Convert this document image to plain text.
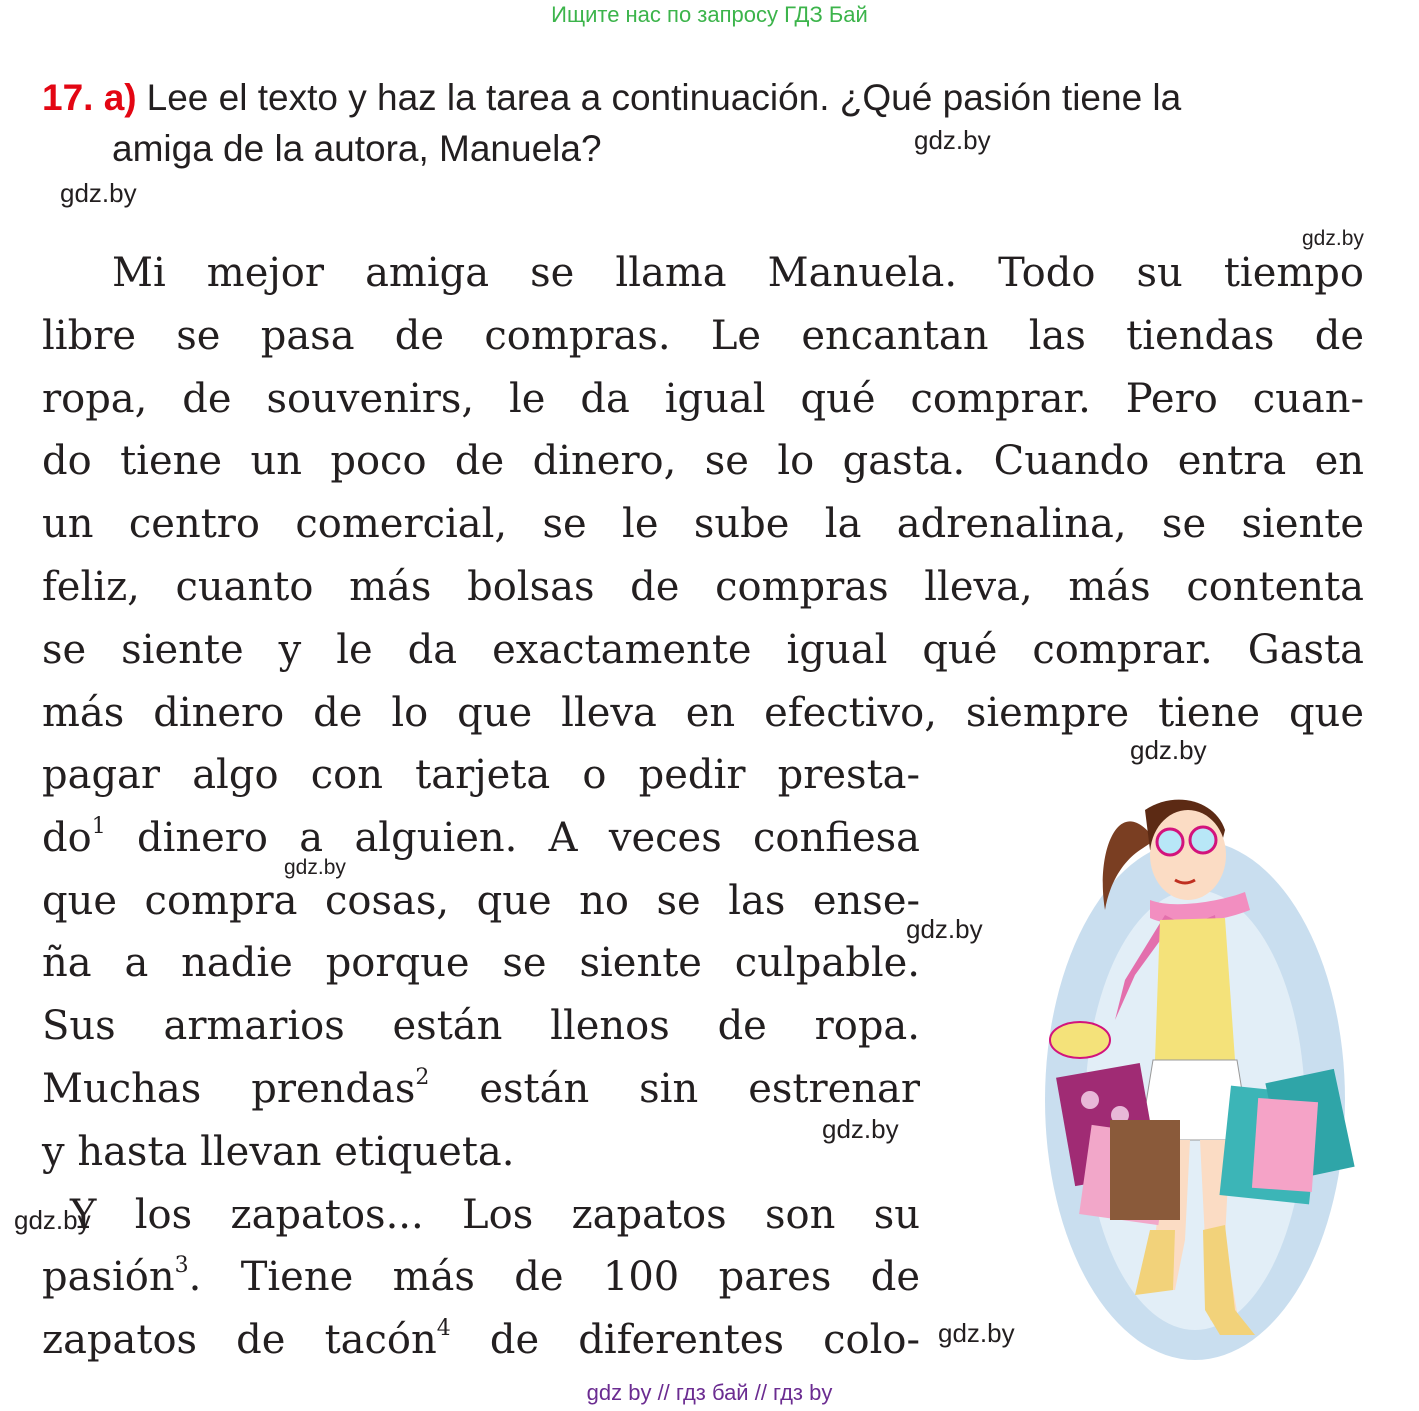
Ищите нас по запросу ГДЗ Бай
17. a) Lee el texto y haz la tarea a continuación. ¿Qué pasión tiene la
amiga de la autora, Manuela?
Mi mejor amiga se llama Manuela. Todo su tiempo
libre se pasa de compras. Le encantan las tiendas de
ropa, de souvenirs, le da igual qué comprar. Pero cuan-
do tiene un poco de dinero, se lo gasta. Cuando entra en
un centro comercial, se le sube la adrenalina, se siente
feliz, cuanto más bolsas de compras lleva, más contenta
se siente y le da exactamente igual qué comprar. Gasta
más dinero de lo que lleva en efectivo, siempre tiene que
pagar algo con tarjeta o pedir presta-
$do^1$ dinero a alguien. A veces confiesa
que compra cosas, que no se las ense-
ña a nadie porque se siente culpable.
Sus armarios están llenos de ropa.
Muchas prendas$^2$ están sin estrenar
y hasta llevan etiqueta.
Y los zapatos... Los zapatos son su
pasión$^3$. Tiene más de 100 pares de
zapatos de tacón$^4$ de diferentes colo-
gdz.by
gdz.by
gdz.by
gdz.by
gdz.by
gdz.by
gdz.by
gdz.by
gdz.by
gdz by // гдз бай // гдз by
